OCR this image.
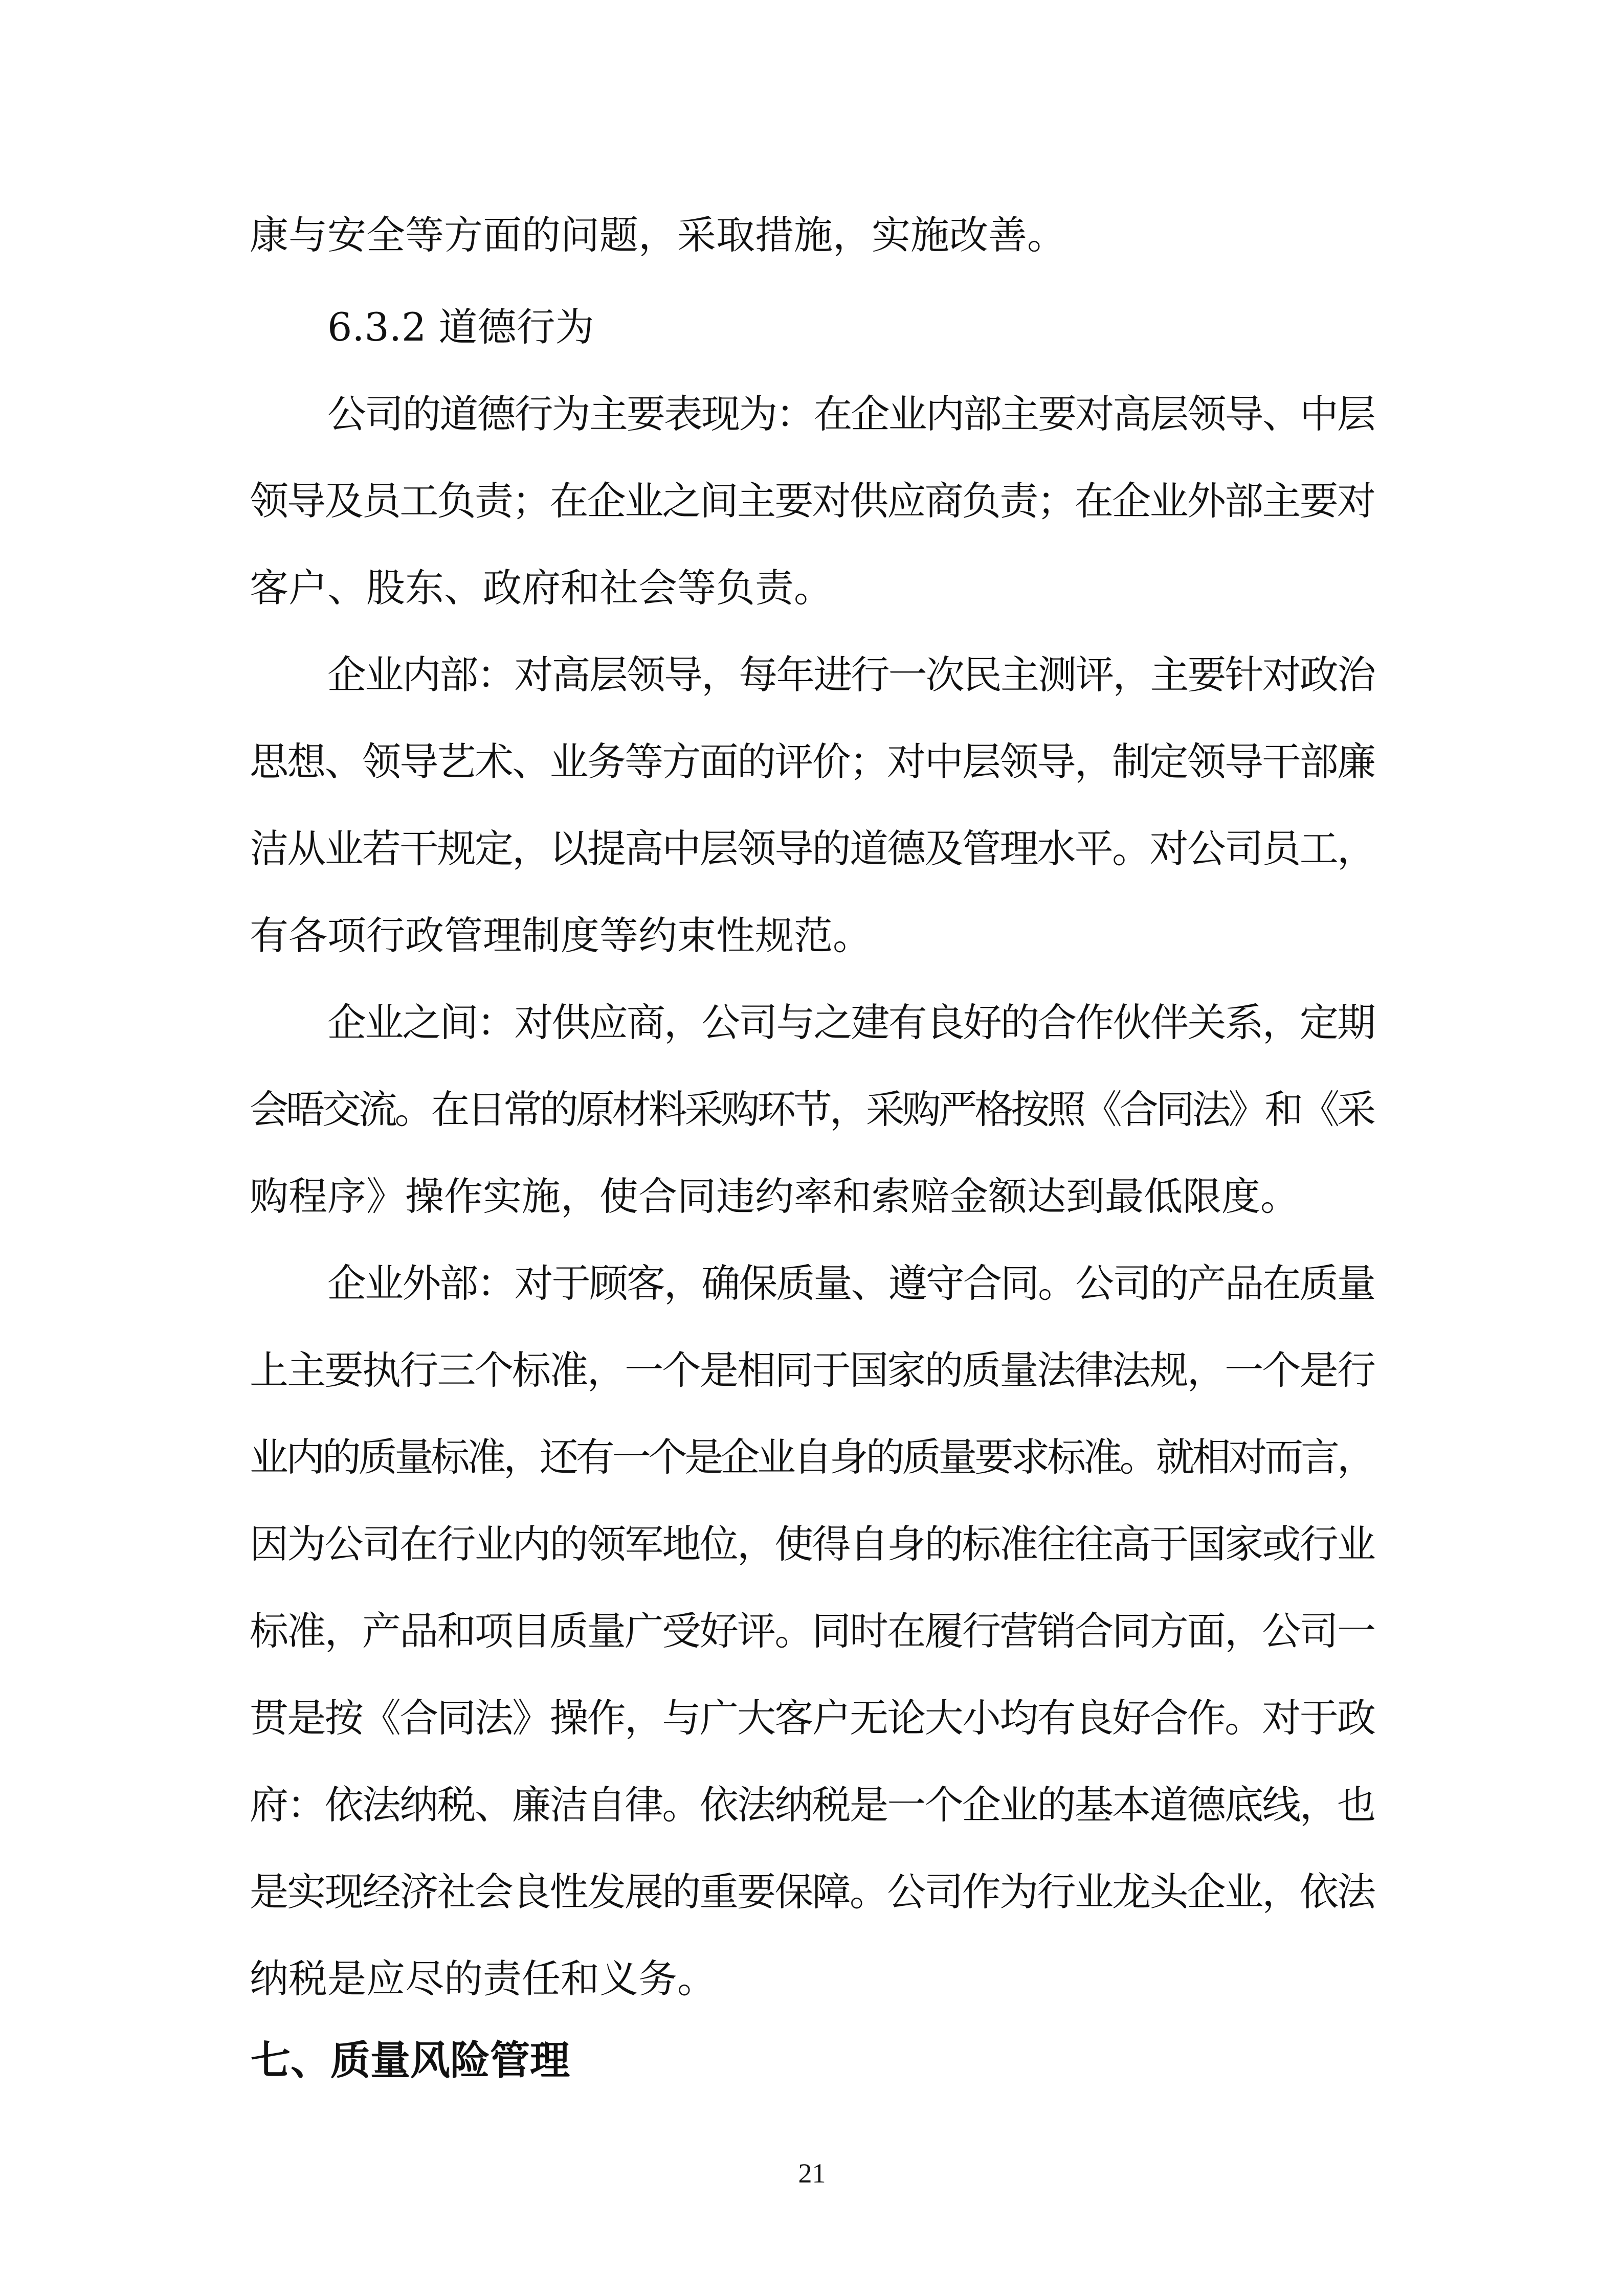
康与安全等方面的问题，采取措施，实施改善。
6.3.2 道德行为
公司的道德行为主要表现为：在企业内部主要对高层领导、中层
领导及员工负责；在企业之间主要对供应商负责；在企业外部主要对
客户、股东、政府和社会等负责。
企业内部：对高层领导，每年进行一次民主测评，主要针对政治
思想、领导艺术、业务等方面的评价；对中层领导，制定领导干部廉
洁从业若干规定，以提高中层领导的道德及管理水平。对公司员工，
有各项行政管理制度等约束性规范。
企业之间：对供应商，公司与之建有良好的合作伙伴关系，定期
会晤交流。在日常的原材料采购环节，采购严格按照《合同法》和《采
购程序》操作实施，使合同违约率和索赔金额达到最低限度。
企业外部：对于顾客，确保质量、遵守合同。公司的产品在质量
上主要执行三个标准，一个是相同于国家的质量法律法规，一个是行
业内的质量标准，还有一个是企业自身的质量要求标准。就相对而言，
因为公司在行业内的领军地位，使得自身的标准往往高于国家或行业
标准，产品和项目质量广受好评。同时在履行营销合同方面，公司一
贯是按《合同法》操作，与广大客户无论大小均有良好合作。对于政
府：依法纳税、廉洁自律。依法纳税是一个企业的基本道德底线，也
是实现经济社会良性发展的重要保障。公司作为行业龙头企业，依法
纳税是应尽的责任和义务。
七、质量风险管理
21
